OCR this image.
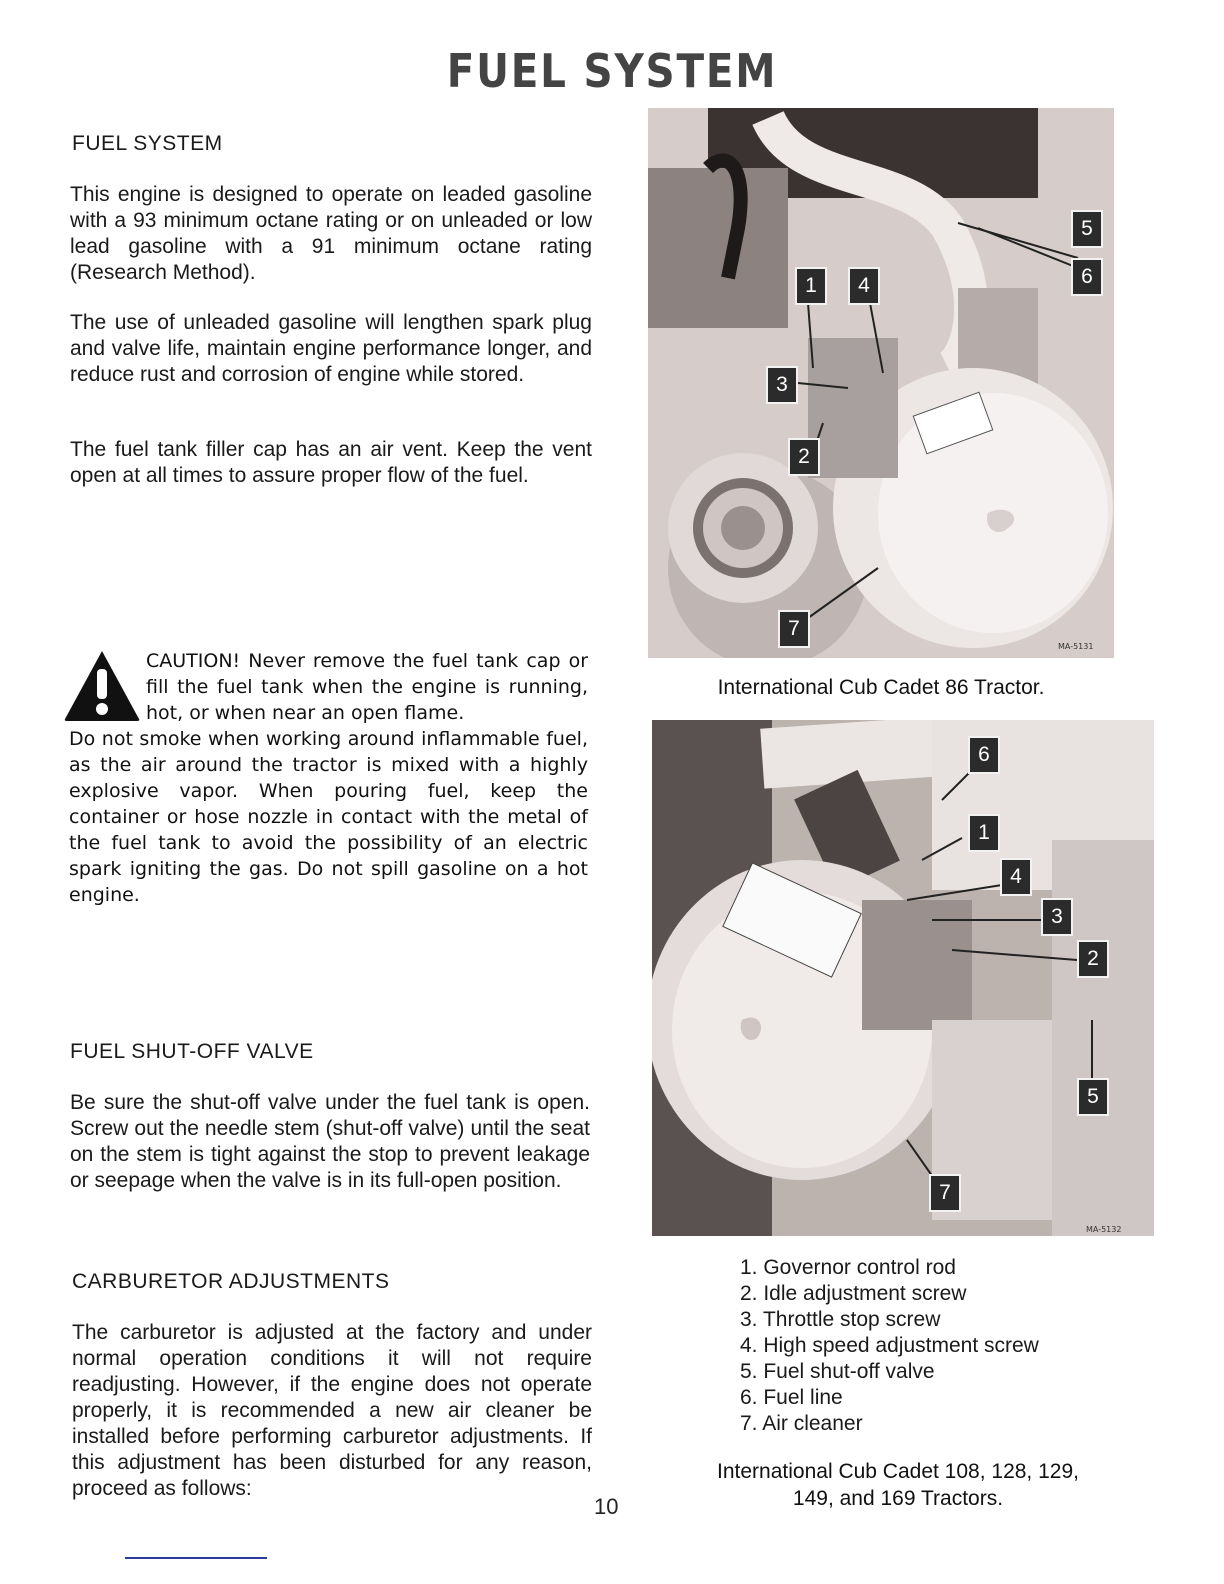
FUEL SYSTEM
FUEL SYSTEM
This engine is designed to operate on leaded gasoline with a 93 minimum octane rating or on unleaded or low lead gasoline with a 91 minimum octane rating (Research Method).
The use of unleaded gasoline will lengthen spark plug and valve life, maintain engine performance longer, and reduce rust and corrosion of engine while stored.
The fuel tank filler cap has an air vent. Keep the vent open at all times to assure proper flow of the fuel.
CAUTION! Never remove the fuel tank cap or fill the fuel tank when the engine is running, hot, or when near an open flame.
Do not smoke when working around inflammable fuel, as the air around the tractor is mixed with a highly explosive vapor. When pouring fuel, keep the container or hose nozzle in contact with the metal of the fuel tank to avoid the possibility of an electric spark igniting the gas. Do not spill gasoline on a hot engine.
FUEL SHUT-OFF VALVE
Be sure the shut-off valve under the fuel tank is open. Screw out the needle stem (shut-off valve) until the seat on the stem is tight against the stop to prevent leakage or seepage when the valve is in its full-open position.
CARBURETOR ADJUSTMENTS
The carburetor is adjusted at the factory and under normal operation conditions it will not require readjusting. However, if the engine does not operate properly, it is recommended a new air cleaner be installed before performing carburetor adjustments. If this adjustment has been disturbed for any reason, proceed as follows:
5
6
1	4
3
2
7
MA-5131
International Cub Cadet 86 Tractor.
6
1
4
3
2
5
7
MA-5132
1. Governor control rod
2. Idle adjustment screw
3. Throttle stop screw
4. High speed adjustment screw
5. Fuel shut-off valve
6. Fuel line
7. Air cleaner
International Cub Cadet 108, 128, 129,
149, and 169 Tractors.
10
